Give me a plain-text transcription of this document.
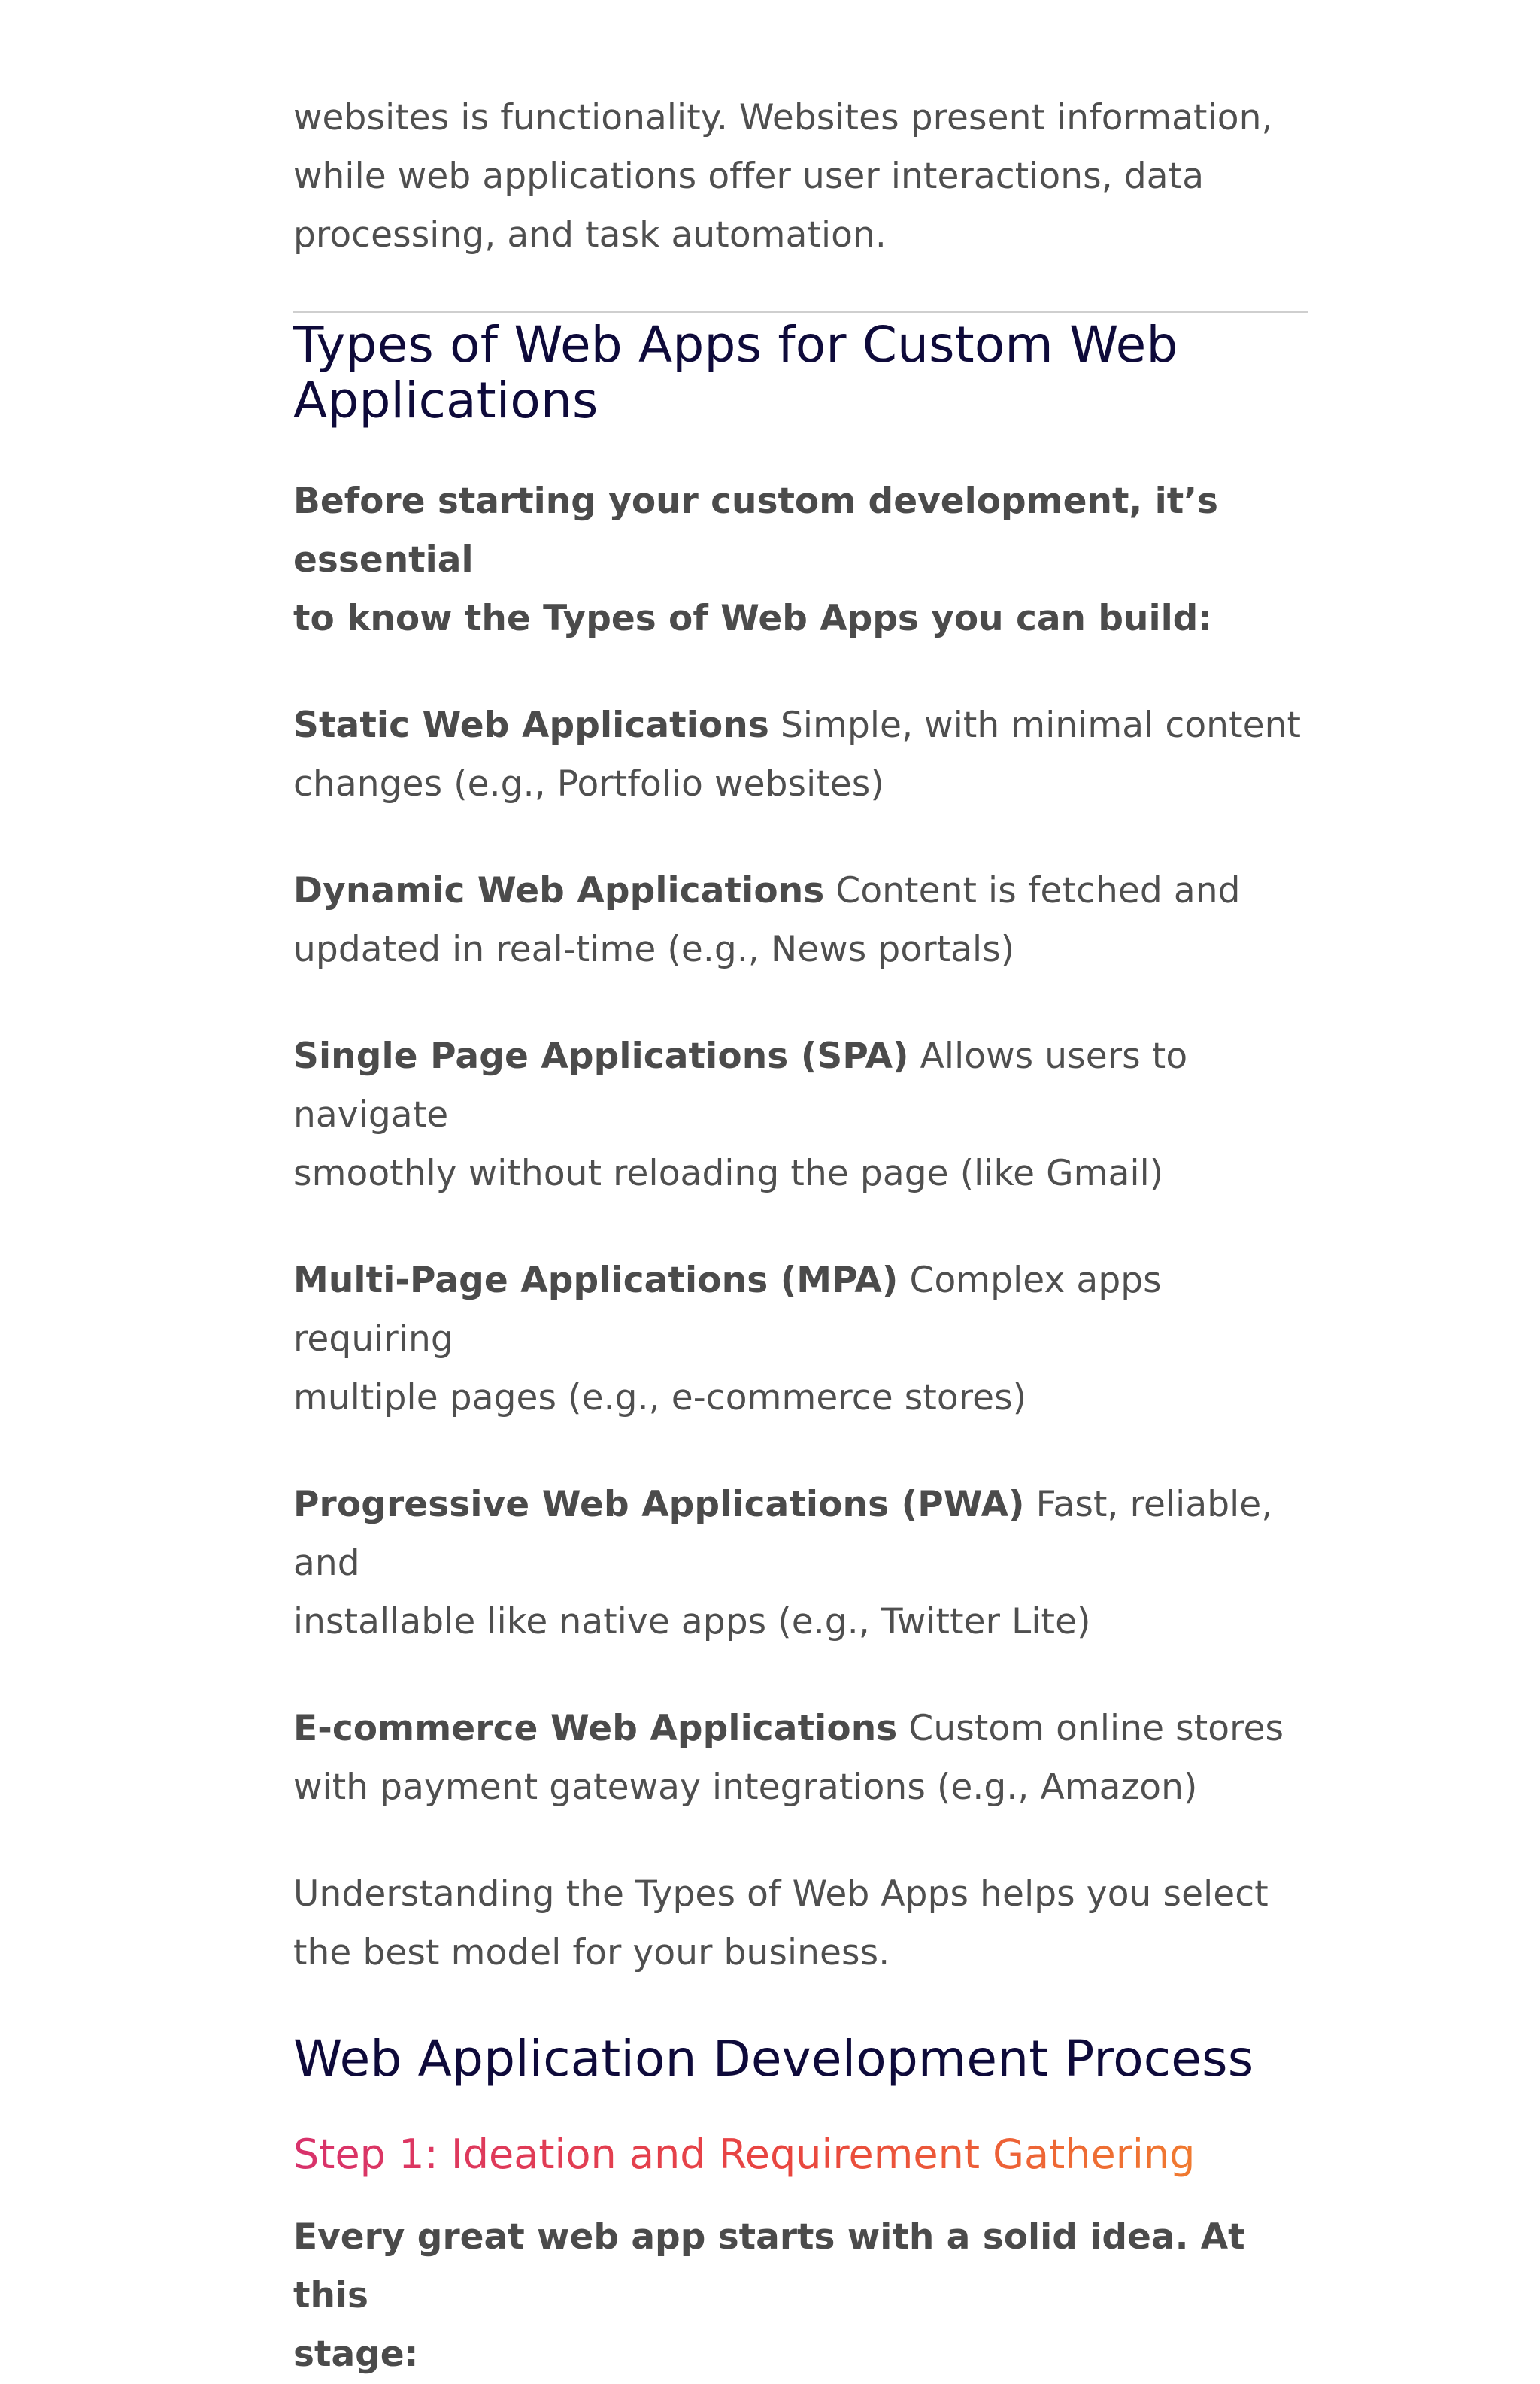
websites is functionality. Websites present information,
while web applications offer user interactions, data
processing, and task automation.

Types of Web Apps for Custom Web
Applications

Before starting your custom development, it’s essential
to know the Types of Web Apps you can build:

Static Web Applications Simple, with minimal content
changes (e.g., Portfolio websites)

Dynamic Web Applications Content is fetched and
updated in real-time (e.g., News portals)

Single Page Applications (SPA) Allows users to navigate
smoothly without reloading the page (like Gmail)

Multi-Page Applications (MPA) Complex apps requiring
multiple pages (e.g., e-commerce stores)

Progressive Web Applications (PWA) Fast, reliable, and
installable like native apps (e.g., Twitter Lite)

E-commerce Web Applications Custom online stores
with payment gateway integrations (e.g., Amazon)

Understanding the Types of Web Apps helps you select
the best model for your business.

Web Application Development Process
Step 1: Ideation and Requirement Gathering

Every great web app starts with a solid idea. At this
stage:
